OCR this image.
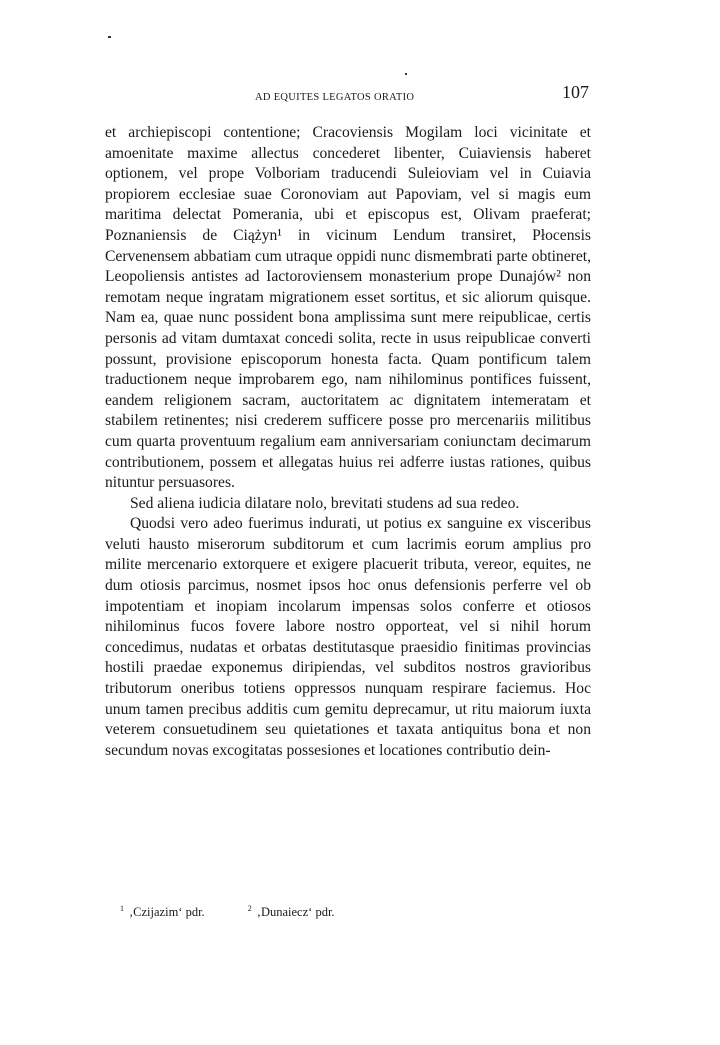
AD EQUITES LEGATOS ORATIO	107

et archiepiscopi contentione; Cracoviensis Mogilam loci vicinitate et amoenitate maxime allectus concederet libenter, Cuiaviensis haberet optionem, vel prope Volboriam traducendi Suleioviam vel in Cuiavia propiorem ecclesiae suae Coronoviam aut Papoviam, vel si magis eum maritima delectat Pomerania, ubi et episcopus est, Olivam praeferat; Poznaniensis de Ciążyn¹ in vicinum Lendum transiret, Płocensis Cervenensem abbatiam cum utraque oppidi nunc dismembrati parte obtineret, Leopoliensis antistes ad Iactoroviensem monasterium prope Dunajów² non remotam neque ingratam migrationem esset sortitus, et sic aliorum quisque. Nam ea, quae nunc possident bona amplissima sunt mere reipublicae, certis personis ad vitam dumtaxat concedi solita, recte in usus reipublicae converti possunt, provisione episcoporum honesta facta. Quam pontificum talem traductionem neque improbarem ego, nam nihilominus pontifices fuissent, eandem religionem sacram, auctoritatem ac dignitatem intemeratam et stabilem retinentes; nisi crederem sufficere posse pro mercenariis militibus cum quarta proventuum regalium eam anniversariam coniunctam decimarum contributionem, possem et allegatas huius rei adferre iustas rationes, quibus nituntur persuasores.

Sed aliena iudicia dilatare nolo, brevitati studens ad sua redeo.

Quodsi vero adeo fuerimus indurati, ut potius ex sanguine ex visceribus veluti hausto miserorum subditorum et cum lacrimis eorum amplius pro milite mercenario extorquere et exigere placuerit tributa, vereor, equites, ne dum otiosis parcimus, nosmet ipsos hoc onus defensionis perferre vel ob impotentiam et inopiam incolarum impensas solos conferre et otiosos nihilominus fucos fovere labore nostro opporteat, vel si nihil horum concedimus, nudatas et orbatas destitutasque praesidio finitimas provincias hostili praedae exponemus diripiendas, vel subditos nostros gravioribus tributorum oneribus totiens oppressos nunquam respirare faciemus. Hoc unum tamen precibus additis cum gemitu deprecamur, ut ritu maiorum iuxta veterem consuetudinem seu quietationes et taxata antiquitus bona et non secundum novas excogitatas possesiones et locationes contributio dein-

$^1$ ‚Czijazim‘ pdr.	$^2$ ‚Dunaiecz‘ pdr.
